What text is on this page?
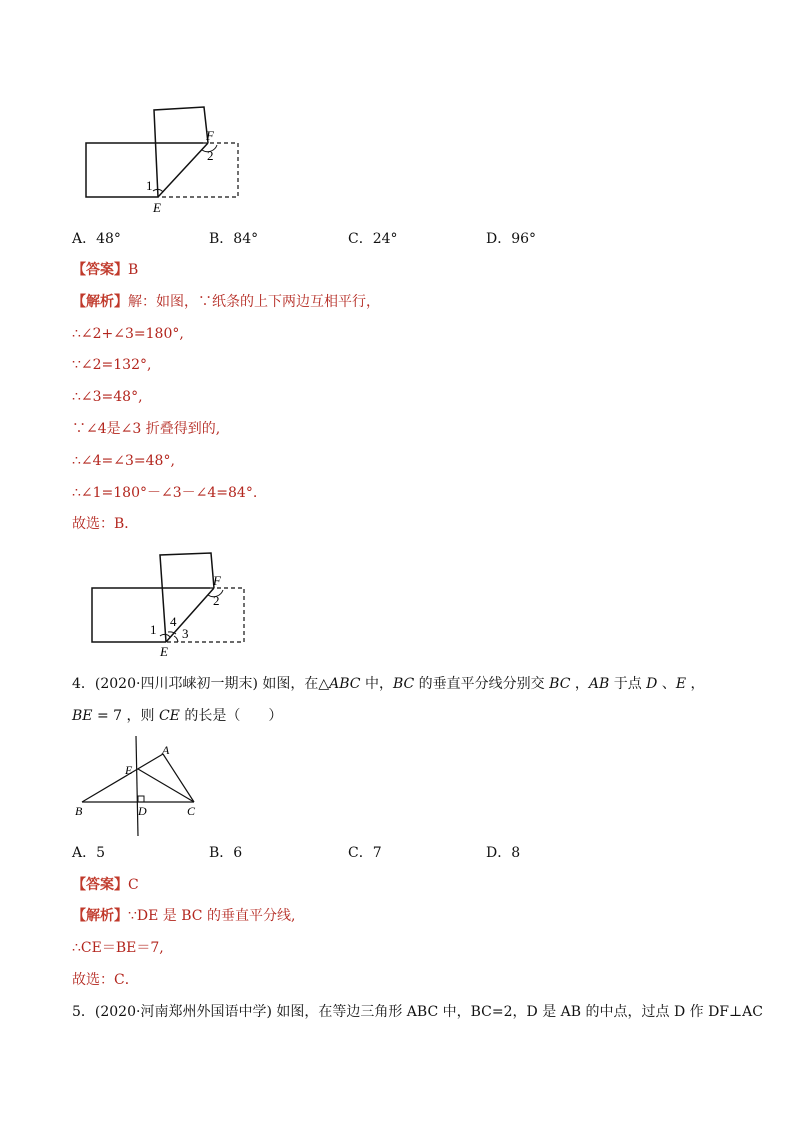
1
2
E
F
A．48°	B．84°	C．24°	D．96°
【答案】B
【解析】解：如图，∵纸条的上下两边互相平行，
∴∠2+∠3=180°,
∵∠2=132°,
∴∠3=48°,
∵∠4是∠3 折叠得到的,
∴∠4=∠3=48°,
∴∠1=180°－∠3－∠4=84°.
故选：B．
1
4
3
2
E
F
4．(2020·四川邛崃初一期末) 如图，在△ABC 中，BC 的垂直平分线分别交 BC ，AB 于点 D 、E ，
BE = 7 ，则 CE 的长是（　　）
A
E
B	D	C
A．5	B．6	C．7	D．8
【答案】C
【解析】∵DE 是 BC 的垂直平分线,
∴CE＝BE＝7,
故选：C．
5．(2020·河南郑州外国语中学) 如图，在等边三角形 ABC 中，BC=2，D 是 AB 的中点，过点 D 作 DF⊥AC
